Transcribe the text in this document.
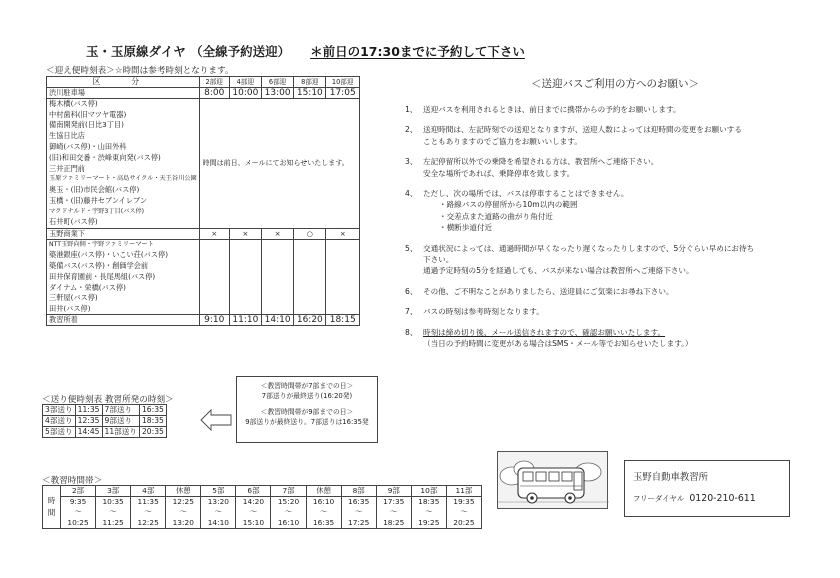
玉・玉原線ダイヤ （全線予約送迎） ＊前日の17:30までに予約して下さい
＜迎え便時刻表＞☆時間は参考時刻となります。
区 分	2部迎	4部迎	6部迎	8部迎	10部迎
渋川駐車場	8:00	10:00	13:00	15:10	17:05
梅木橋(バス停)	時間は前日、メールにてお知らせいたします。				
中村歯科(旧マツヤ電器)					
備南開発前(日比3丁目)					
生協日比店					
御崎(バス停)・山田外科					
(旧)和田交番・渋峰東向発(バス停)					
三井正門前					
玉原ファミリーマート・高島サイクル・天王谷川公園					
奥玉・(旧)市民会館(バス停)					
玉橋・(旧)藤井セブンイレブン					
マクドナルド・宇野3丁目(バス停)					
石井町(バス停)					
玉野商業下	×	×	×	○	×
NTT玉野向側・宇野ファミリーマート					
築港銀座(バス停)・いこい荘(バス停)					
築備バス(バス停)・創価学会前					
田井保育園前・長尾馬組(バス停)					
ダイナム・栄橋(バス停)					
三軒屋(バス停)					
田井(バス停)					
教習所着	9:10	11:10	14:10	16:20	18:15
＜送迎バスご利用の方へのお願い＞
1、 送迎バスを利用されるときは、前日までに携帯からの予約をお願いします。

2、 送迎時間は、左記時刻での送迎となりますが、送迎人数によっては迎時間の変更をお願いする

こともありますのでご協力をお願いいします。

3、 左記停留所以外での乗降を希望される方は、教習所へご連絡下さい。

安全な場所であれば、乗降停車を致します。

4、 ただし、次の場所では、バスは停車することはできません。

・路線バスの停留所から10m以内の範囲

・交差点また道路の曲がり角付近

・横断歩道付近

5、 交通状況によっては、通過時間が早くなったり遅くなったりしますので、5分ぐらい早めにお待ち

下さい。

通過予定時刻の5分を経過しても、バスが来ない場合は教習所へご連絡下さい。

6、 その他、ご不明なことがありましたら、送迎員にご気楽にお尋ね下さい。

7、 バスの時刻は参考時刻となります。

8、 時刻は締め切り後、メール送信されますので、確認お願いいたします。

（当日の予約時間に変更がある場合はSMS・メール等でお知らせいたします。）

＜送り便時刻表 教習所発の時刻＞
3部送り	11:35	7部送り	16:35
4部送り	12:35	9部送り	18:35
5部送り	14:45	11部送り	20:35

＜教習時間帯が7部までの日＞

7部送りが最終送り(16:20発)

＜教習時間帯が9部までの日＞

9部送りが最終送り。7部送りは16:35発

＜教習時間帯＞
時
間	2部	3部	4部	休憩	5部	6部	7部	休憩	8部	9部	10部	11部
	9:35	10:35	11:35	12:25	13:20	14:20	15:20	16:10	16:35	17:35	18:35	19:35
	〜	〜	〜	〜	〜	〜	〜	〜	〜	〜	〜	〜
	10:25	11:25	12:25	13:20	14:10	15:10	16:10	16:35	17:25	18:25	19:25	20:25
玉野自動車教習所
フリーダイヤル 0120-210-611
